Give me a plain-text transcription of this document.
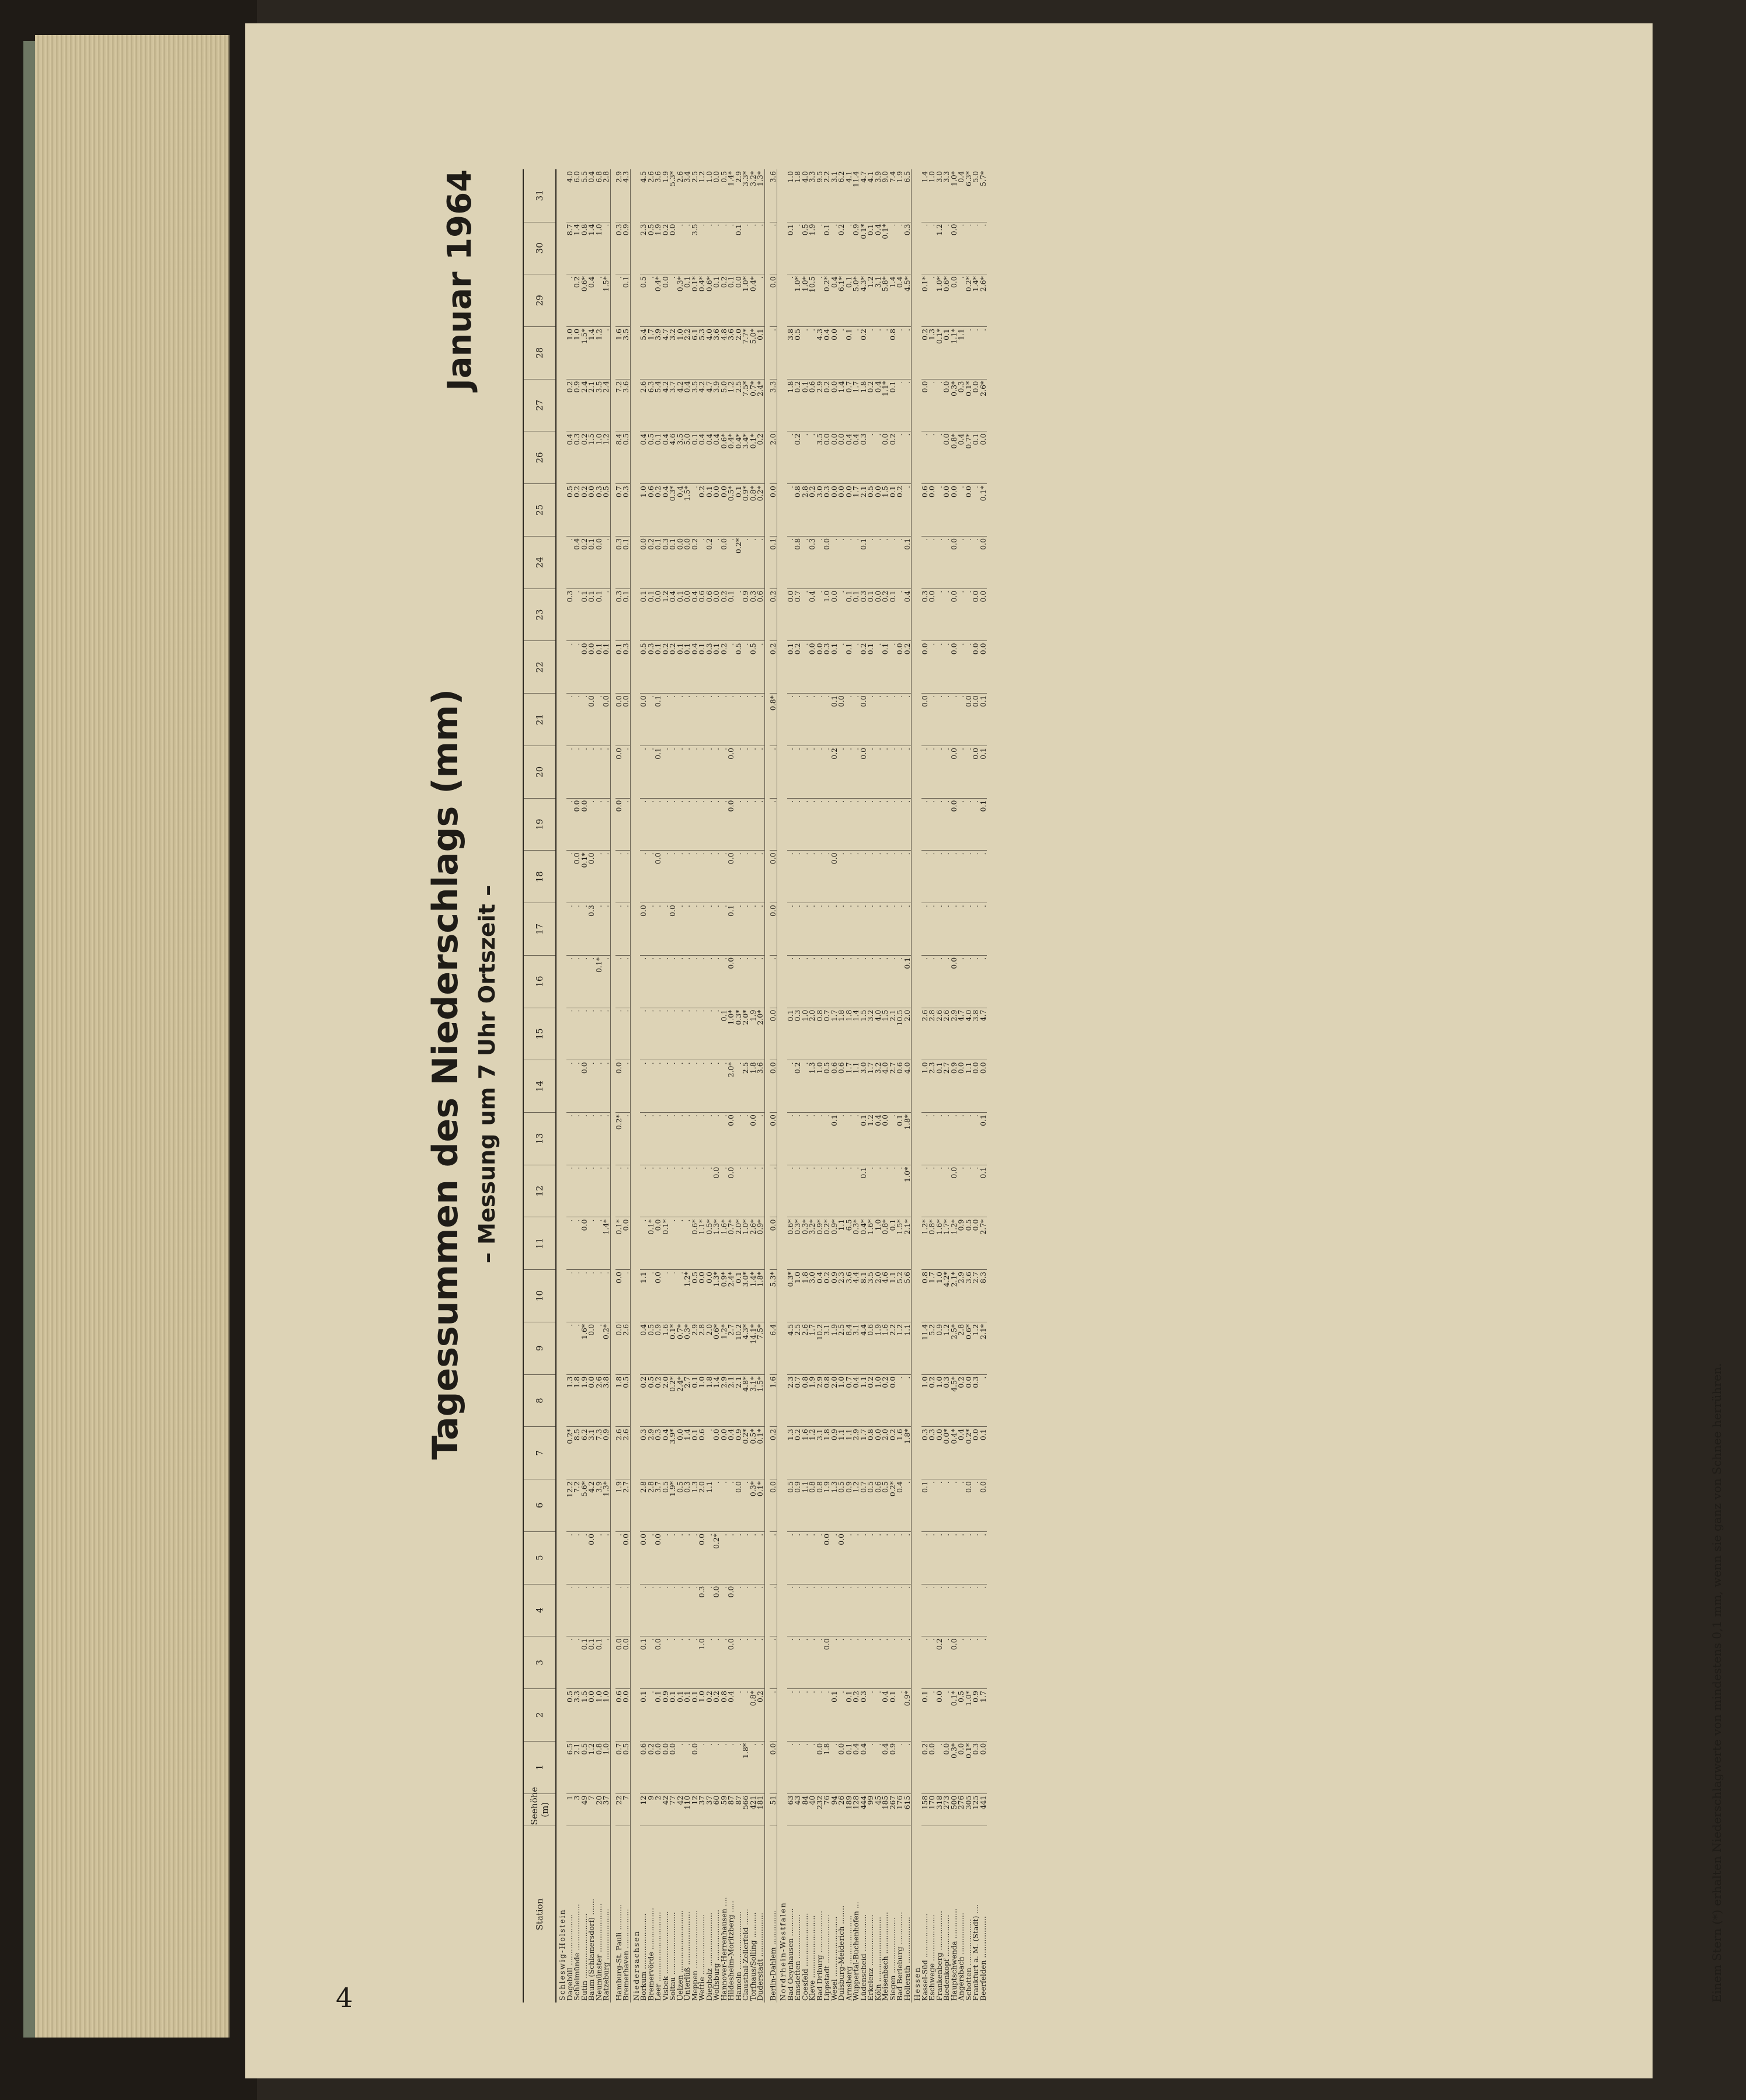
4
Januar 1964
Tagessummen des Niederschlags (mm) – Messung um 7 Uhr Ortszeit –
Station	Seehöhe (m)	1	2	3	4	5	6	7	8	9	10	11	12	13	14	15	16	17	18	19	20	21	22	23	24	25	26	27	28	29	30	31
Schleswig-Holstein																																
Dagebüll ......................	1	6.5	0.5	.	.	.	12.2	0.2*	1.3	.	.	.	.	.	.	.	.	.	.	.	.	.	.	0.3	.	0.5	0.4	0.2	1.0	.	8.7	4.0
Schleimünde ....................	3	2.1	3.3	.	.	.	7.2	8.5	1.8	.	.	.	.	.	.	.	.	.	0.0	0.0	.	.	.	.	0.4	0.2	0.3	0.9	1.0	0.2	1.4	6.0
Eutin ............................	49	0.5	1.5	0.1	.	.	5.6*	6.2	1.9	1.6*	.	0.0	.	.	0.0	.	.	.	0.1*	0.0	.	.	0.0	0.1	0.2	0.2	0.2	2.4	1.5*	0.6*	0.8	5.5
Baum (Schlamersdorf) .......	7	1.2	0.0	0.1	.	0.0	4.2	3.1	0.0	0.0	.	.	.	.	.	.	.	0.3	0.0	.	.	0.0	0.0	0.1	0.1	0.0	1.5	2.1	1.4	0.4	1.4	0.4
Neumünster .....................	20	0.8	1.0	0.1	.	.	3.9	7.3	2.6	.	.	.	.	.	.	.	0.1*	.	.	.	.	.	0.1	0.1	0.0	0.3	1.0	3.5	1.2	.	1.0	6.8
Ratzeburg ......................	37	1.0	1.0	.	.	.	1.3*	0.9	3.8	0.2*	.	1.4*	.	.	.	.	.	.	.	.	.	0.0	0.1	.	.	0.5	1.2	2.4	.	1.5*	.	2.8

Hamburg-St. Pauli ...........	22	0.7	0.6	0.0	.	.	1.9	2.6	1.8	0.0	0.0	0.1*	.	0.2*	0.0	.	.	.	.	0.0	0.0	0.0	0.1	0.3	0.3	0.7	8.4	7.2	1.6	.	0.3	2.9
Bremerhaven .................	7	0.5	0.0	0.0	.	0.0	2.7	2.6	0.5	2.6	.	0.0	.	.	.	.	.	.	.	.	.	0.0	0.3	0.1	0.1	0.3	0.5	3.6	3.5	0.1	0.9	4.3
Niedersachsen																																
Borkum ........................	12	0.6	0.1	0.1	.	0.0	2.8	0.3	0.2	0.4	1.1	.	.	.	.	.	.	0.0	.	.	.	0.0	0.5	0.1	0.0	1.0	0.4	2.6	5.4	0.5	2.3	4.5
Bremervörde ..................	9	0.2	.	.	.	.	2.8	2.9	0.5	0.5	.	0.1*	.	.	.	.	.	.	.	.	.	.	0.3	0.1	0.2	0.6	0.5	6.3	1.7	.	0.5	2.6
Leer ..............................	2	0.0	0.1	0.0	.	0.0	3.7	0.3	0.2	0.9	0.0	0.0	.	.	.	.	.	.	0.0	.	0.1	0.1	0.1	0.0	0.1	0.2	0.1	5.4	3.9	0.4*	1.9	3.6
Visbek ...........................	42	0.0	0.9	.	.	.	0.5	0.4	2.0	1.6	.	0.1*	.	.	.	.	.	.	.	.	.	.	0.2	1.2	0.3	0.4	0.4	4.2	4.7	0.0	0.2	1.9
Soltau ...........................	77	0.0	0.1	.	.	.	1.9*	3.9*	0.2*	0.1*	.	.	.	.	.	.	.	0.0	.	.	.	.	0.2	0.4	0.1	0.3*	4.6	3.7	3.2	.	0.0	5.3*
Uelzen ...........................	42	.	0.1	.	.	.	0.5	0.0	2.4*	0.7*	.	.	.	.	.	.	.	.	.	.	.	.	0.1	0.1	0.0	0.4	3.5	4.2	1.0	0.3*	.	2.6
Unterlüß .......................	110	.	0.1	.	.	.	0.3	1.4	2.7	0.3*	1.2*	.	.	.	.	.	.	.	.	.	.	.	0.1	0.0	0.0	1.5*	5.0	0.4	2.2	0.1	.	3.4
Meppen .........................	12	0.0	0.1	.	.	.	1.3	0.1	0.1	2.9	0.5	0.6*	.	.	.	.	.	.	.	.	.	.	0.4	0.4	0.2	.	0.1	3.5	6.1	0.1*	3.5	2.5
Wettie ..........................	37	.	1.0	1.0	0.3	0.0	2.0	0.6	1.0	2.8	0.0	1.1*	.	.	.	.	.	.	.	.	.	.	0.1	0.6	.	0.2	0.4	4.2	5.3	0.4*	.	1.2
Diepholz .......................	37	.	0.2	.	.	.	1.1	.	1.8	2.0	0.0	0.5*	.	.	.	.	.	.	.	.	.	.	0.3	0.6	0.2	0.1	0.4	4.7	4.0	0.6*	.	1.0
Wolfsburg ......................	60	.	0.2	.	0.0	0.2*	.	0.0	1.4	0.6*	1.3*	1.3*	0.0	.	.	.	.	.	.	.	.	.	0.1	0.0	.	0.0	0.4	3.9	3.6	0.1	.	0.0
Hannover-Herrenhausen ....	59	.	0.8	.	.	.	.	0.0	2.9	1.2*	0.9*	1.6*	.	.	.	0.1	.	.	.	.	.	.	0.2	0.2	0.0	0.0	0.6*	5.0	4.8	0.2	.	0.5
Hildesheim-Moritzberg .....	87	.	0.4	0.0	0.0	.	.	0.4	2.1	2.7	2.4*	0.7*	0.0	0.0	2.0*	1.0*	0.0	0.1	0.0	0.0	0.0	.	.	0.1	.	0.5*	0.4*	1.2	3.6	0.1	.	1.4*
Hameln .........................	87	.	.	.	.	.	0.0	0.9	2.1	10.2	0.1	2.0*	.	.	.	0.3*	.	.	.	.	.	.	0.5	.	0.2*	0.1	0.4*	2.5	2.0	0.0	0.1	2.9
Clausthal-Zellerfeld .......	566	1.8*	.	.	.	.	.	0.2*	4.8*	4.3*	3.0*	1.0*	.	.	2.5	2.0*	.	.	.	.	.	.	.	0.9	.	0.9*	3.4*	7.5*	7.7*	1.0*	.	3.3*
Torfhaus/Solling ...........	421	.	0.8*	.	.	.	0.3*	0.5*	3.1*	14.1*	1.4*	2.6*	.	0.0	1.8	1.9	.	.	.	.	.	.	0.5	0.3	.	0.8*	0.1*	0.7*	5.0*	0.4*	.	3.2*
Duderstadt ...................	181	.	0.2	.	.	.	0.1*	0.1*	1.5*	7.5*	1.8*	0.9*	.	.	3.6	2.0*	.	.	.	.	.	.	.	0.6	.	0.2*	0.2	2.4*	0.1	.	.	1.3*

Berlin-Dahlem ...............	51	0.0	.	.	.	.	0.0	0.2	1.6	6.4	5.3*	0.0	.	0.0	0.0	0.0	.	0.0	0.0	.	.	0.8*	0.2	0.2	0.1	0.0	2.0	3.3	.	0.0	.	3.6
Nordrhein-Westfalen																																
Bad Oeynhausen ............	63	.	.	.	.	.	0.5	1.3	2.3	4.5	0.3*	0.6*	.	.	.	0.1	.	.	.	.	.	.	0.1	0.0	.	.	.	1.8	3.8	.	0.1	1.0
Emsdetten ...................	43	.	.	.	.	.	0.9	0.2	0.7	2.5	1.0	0.3*	.	.	0.2	0.3	.	.	.	.	.	.	0.2	0.7	0.8	0.8	0.2	0.2	0.5	1.0*	.	1.8
Coesfeld .......................	84	.	.	.	.	.	1.1	1.6	0.8	2.6	1.8	0.3*	.	.	.	1.0	.	.	.	.	.	.	.	.	.	2.8	.	0.1	.	1.0*	0.5	4.0
Kleve ...........................	40	.	.	.	.	.	0.8	1.2	1.9	1.7	3.0	3.2*	.	.	1.3	2.0	.	.	.	.	.	.	0.0	0.4	0.3	0.2	.	0.6	.	10.5	1.9	3.3
Bad Driburg ..................	232	0.0	.	.	.	.	0.8	3.1	2.9	10.2	0.4	0.9*	.	.	1.0	0.8	.	.	.	.	.	.	0.0	.	.	3.0	3.5	2.9	4.3	.	.	9.5
Lippstadt .....................	76	1.8	.	0.0	.	0.0	1.9	1.8	0.8	3.1	0.2	0.2*	.	.	0.5	0.7	.	.	.	.	.	.	0.3	1.0	0.0	0.3	0.0	0.2	0.4	0.2*	0.1	2.2
Wesel ..........................	94	.	0.1	.	.	.	1.3	0.9	2.0	1.9	0.9	0.9*	.	0.1	0.6	1.7	.	.	0.0	.	0.2	0.1	0.1	0.0	.	0.0	0.0	0.0	0.0	0.4	.	3.1
Duisburg-Meiderich ........	26	0.0	.	.	.	0.0	0.5	1.1	1.0	2.5	2.3	1.1	.	.	0.6	1.8	.	.	.	.	.	0.0	.	.	.	0.0	0.0	1.4	.	6.1*	0.2	6.2
Arnsberg .....................	189	0.1	0.1	.	.	.	0.9	1.1	0.7	8.4	3.6	6.5	.	.	1.7	1.8	.	.	.	.	.	.	0.1	0.1	.	0.0	0.4	0.7	0.1	0.1	.	4.1
Wuppertal-Buchenhofen ...	128	0.4	0.2	.	.	.	1.2	2.9	0.4	3.1	4.4	0.3*	.	.	1.1	1.4	.	.	.	.	.	.	.	0.1	.	1.7	0.4	1.7	.	5.0*	0.9	11.4
Lüdenscheid ................	444	0.4	0.3	.	.	.	0.7	1.7	1.1	4.4	8.1	0.4*	0.1	0.1	3.0	1.5	.	.	.	.	0.0	0.0	0.2	0.3	0.1	2.1	0.3	1.8	0.2	4.3*	0.1*	4.7
Erkelenz ......................	99	.	.	.	.	.	0.5	0.8	0.2	0.6	3.5	1.6*	.	1.2	1.7	3.2	.	.	.	.	.	.	0.1	0.1	.	0.5	.	0.2	.	1.2	0.1	4.1
Köln ............................	45	.	.	.	.	.	0.6	0.0	1.0	1.9	2.0	1.0	.	0.4	3.2	4.0	.	.	.	.	.	.	.	0.0	.	0.0	.	0.4	.	3.1	0.4	3.9
Meisenbach ..................	185	0.4	0.4	.	.	.	0.5	2.0	0.2	1.6	4.6	0.8*	.	0.0	4.0	1.5	.	.	.	.	.	.	0.1	0.2	.	1.5	0.0	1.1*	.	5.8*	0.1*	9.0
Siegen ........................	267	0.9	0.1	.	.	.	0.2*	0.2	0.0	2.2	1.1	0.1	.	.	2.7	2.1	.	.	.	.	.	.	.	0.1	.	0.1	0.2	0.1	0.8	1.4	.	7.4
Bad Berleburg ..............	176	.	.	.	.	.	0.4	1.6	.	1.2	5.2	1.5*	.	0.1	0.6	10.5	.	.	.	.	.	.	0.0	.	.	0.2	.	.	.	0.4	.	1.9
Hollerath ....................	615	.	0.9*	.	.	.	.	1.8*	.	1.1	5.6	2.1*	1.0*	1.8*	4.0	2.0	0.1	.	.	.	.	.	0.2	0.4	0.1	.	.	.	.	4.5*	0.3	6.5
Hessen																																
Kassel-Süd ...................	158	0.2	0.1	.	.	.	0.1	0.3	1.0	11.4	0.8	1.2*	.	.	1.0	2.6	.	.	.	.	.	0.0	0.0	0.3	.	0.6	.	0.0	0.2	0.1*	.	1.4
Eschwege ....................	170	0.0	.	.	.	.	.	0.3	0.2	5.2	1.7	0.8*	.	.	2.3	2.8	.	.	.	.	.	.	.	0.0	.	0.0	.	.	1.3	.	.	1.0
Frankenberg .................	318	.	0.0	0.2	.	.	.	0.0	1.0	0.9	1.0	1.6*	.	.	0.1	2.6	.	.	.	.	.	.	.	.	.	.	.	.	0.1*	1.0*	1.2	3.0
Biedenkopf ..................	273	0.0	.	.	.	.	.	0.0*	0.3	1.2	4.2*	1.7*	.	.	2.7	2.6	.	.	.	.	.	.	.	.	.	0.0	0.0	0.0	0.1	0.6*	.	3.3
Hauptschwenda .............	500	0.3*	0.1*	0.0	.	.	.	0.4*	4.5*	2.5*	2.1*	1.2*	0.0	.	0.9	2.9	0.0	.	.	0.0	0.0	.	0.0	0.0	0.0	0.0	0.8*	0.3*	1.1*	0.0	0.0	1.0*
Angersbach ..................	276	0.0	0.5	.	.	.	.	0.4	0.2	2.8	2.9	0.9	.	.	0.0	4.7	.	.	.	.	.	.	.	.	.	.	0.4	0.3	1.1	.	.	0.4
Schotten ....................	305	0.1*	1.0*	.	.	.	0.0	0.2*	0.0	0.6*	3.6	0.5	.	.	1.1	4.0	.	.	.	.	.	0.0	.	.	.	0.0	0.7*	0.1*	.	0.2*	.	6.3*
Frankfurt a. M. (Stadt) ....	125	0.3	0.9	.	.	.	.	0.0	0.3	1.2	2.7	0.0	.	.	0.0	3.8	.	.	.	.	0.0	0.0	0.0	0.0	.	.	0.1	0.0	.	1.4*	.	5.0
Beerfelden ..................	441	0.0	1.7	.	.	.	0.0	0.1	.	2.1*	8.3	2.7*	0.1	0.1	0.0	4.7	.	.	.	0.1	0.1	0.1	0.0	0.0	0.0	0.1*	0.0	2.6*	.	2.6*	.	5.7*
Einem Stern (*) erhalten Niederschlagwerte von mindestens 0,1 mm, wenn sie ganz von Schnee herrühren.
